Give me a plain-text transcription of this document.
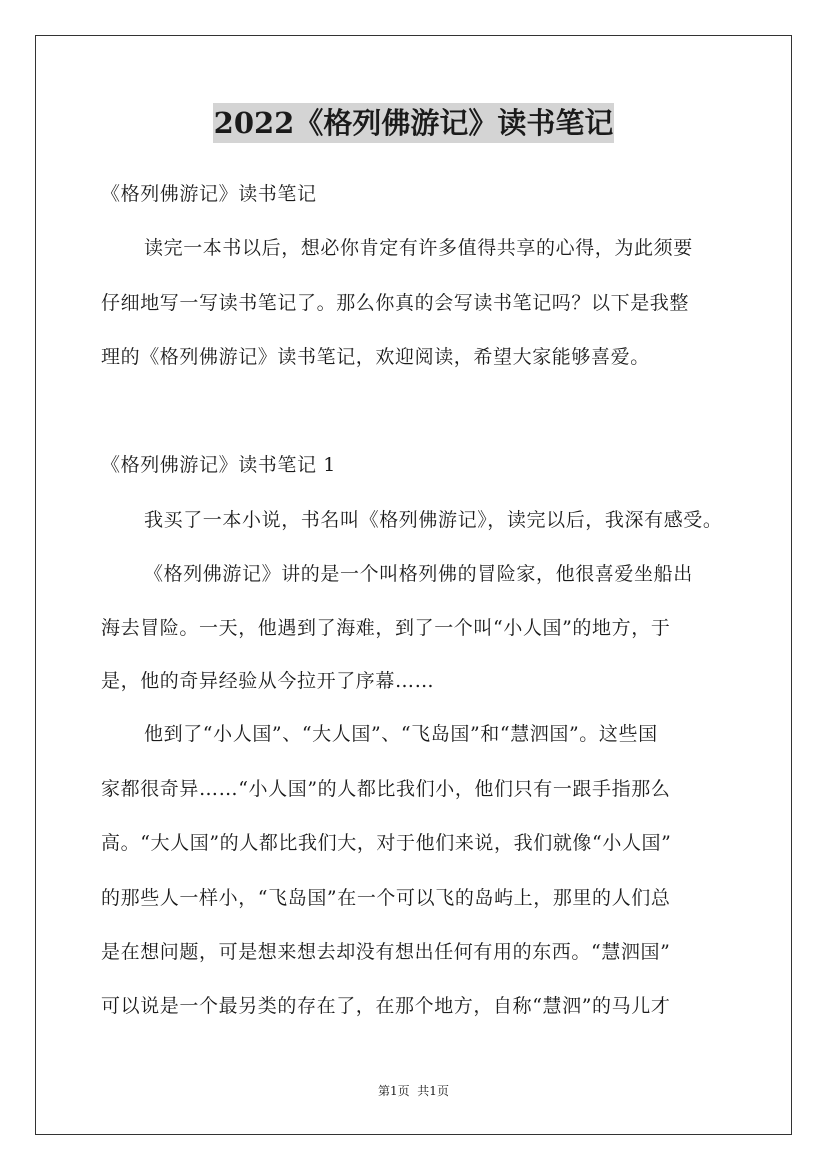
2022《格列佛游记》读书笔记
《格列佛游记》读书笔记
读完一本书以后，想必你肯定有许多值得共享的心得，为此须要
仔细地写一写读书笔记了。那么你真的会写读书笔记吗？以下是我整
理的《格列佛游记》读书笔记，欢迎阅读，希望大家能够喜爱。
《格列佛游记》读书笔记 1
我买了一本小说，书名叫《格列佛游记》，读完以后，我深有感受。
《格列佛游记》讲的是一个叫格列佛的冒险家，他很喜爱坐船出
海去冒险。一天，他遇到了海难，到了一个叫“小人国”的地方，于
是，他的奇异经验从今拉开了序幕……
他到了“小人国”、“大人国”、“飞岛国”和“慧泗国”。这些国
家都很奇异……“小人国”的人都比我们小，他们只有一跟手指那么
高。“大人国”的人都比我们大，对于他们来说，我们就像“小人国”
的那些人一样小，“飞岛国”在一个可以飞的岛屿上，那里的人们总
是在想问题，可是想来想去却没有想出任何有用的东西。“慧泗国”
可以说是一个最另类的存在了，在那个地方，自称“慧泗”的马儿才
第1页  共1页
